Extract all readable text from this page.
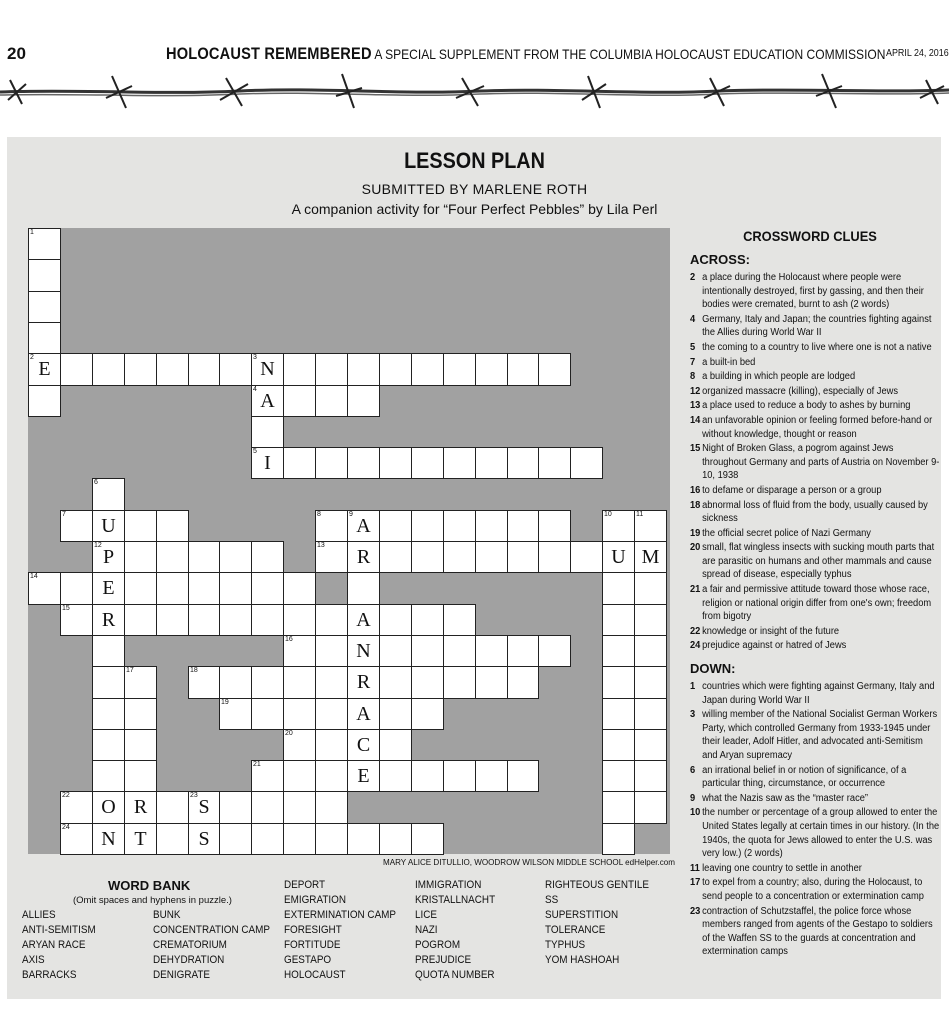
20	HOLOCAUST REMEMBERED A SPECIAL SUPPLEMENT FROM THE COLUMBIA HOLOCAUST EDUCATION COMMISSION APRIL 24, 2016
LESSON PLAN
SUBMITTED BY MARLENE ROTH
A companion activity for “Four Perfect Pebbles” by Lila Perl
1
2
E
3
N
4
A
5
I
6
7
U
8	9
A
10	11
12
P
13
R	U M
14
E
15
R	A
16
N
17	18
R
19
A
20
C
21
E
22
O R
23
S
24
N T	S
MARY ALICE DITULLIO, WOODROW WILSON MIDDLE SCHOOL edHelper.com
CROSSWORD CLUES
ACROSS:
2 a place during the Holocaust where people were intentionally destroyed, first by gassing, and then their bodies were cremated, burnt to ash (2 words)
4 Germany, Italy and Japan; the countries fighting against the Allies during World War II
5 the coming to a country to live where one is not a native
7 a built-in bed
8 a building in which people are lodged
12 organized massacre (killing), especially of Jews
13 a place used to reduce a body to ashes by burning
14 an unfavorable opinion or feeling formed before-hand or without knowledge, thought or reason
15 Night of Broken Glass, a pogrom against Jews throughout Germany and parts of Austria on November 9-10, 1938
16 to defame or disparage a person or a group
18 abnormal loss of fluid from the body, usually caused by sickness
19 the official secret police of Nazi Germany
20 small, flat wingless insects with sucking mouth parts that are parasitic on humans and other mammals and cause spread of disease, especially typhus
21 a fair and permissive attitude toward those whose race, religion or national origin differ from one's own; freedom from bigotry
22 knowledge or insight of the future
24 prejudice against or hatred of Jews
DOWN:
1 countries which were fighting against Germany, Italy and Japan during World War II
3 willing member of the National Socialist German Workers Party, which controlled Germany from 1933-1945 under their leader, Adolf Hitler, and advocated anti-Semitism and Aryan supremacy
6 an irrational belief in or notion of significance, of a particular thing, circumstance, or occurrence
9 what the Nazis saw as the “master race”
10 the number or percentage of a group allowed to enter the United States legally at certain times in our history. (In the 1940s, the quota for Jews allowed to enter the U.S. was very low.) (2 words)
11 leaving one country to settle in another
17 to expel from a country; also, during the Holocaust, to send people to a concentration or extermination camp
23 contraction of Schutzstaffel, the police force whose members ranged from agents of the Gestapo to soldiers of the Waffen SS to the guards at concentration and extermination camps
WORD BANK
(Omit spaces and hyphens in puzzle.)
ALLIES
ANTI-SEMITISM
ARYAN RACE
AXIS
BARRACKS
BUNK
CONCENTRATION CAMP
CREMATORIUM
DEHYDRATION
DENIGRATE
DEPORT
EMIGRATION
EXTERMINATION CAMP
FORESIGHT
FORTITUDE
GESTAPO
HOLOCAUST
IMMIGRATION
KRISTALLNACHT
LICE
NAZI
POGROM
PREJUDICE
QUOTA NUMBER
RIGHTEOUS GENTILE
SS
SUPERSTITION
TOLERANCE
TYPHUS
YOM HASHOAH
